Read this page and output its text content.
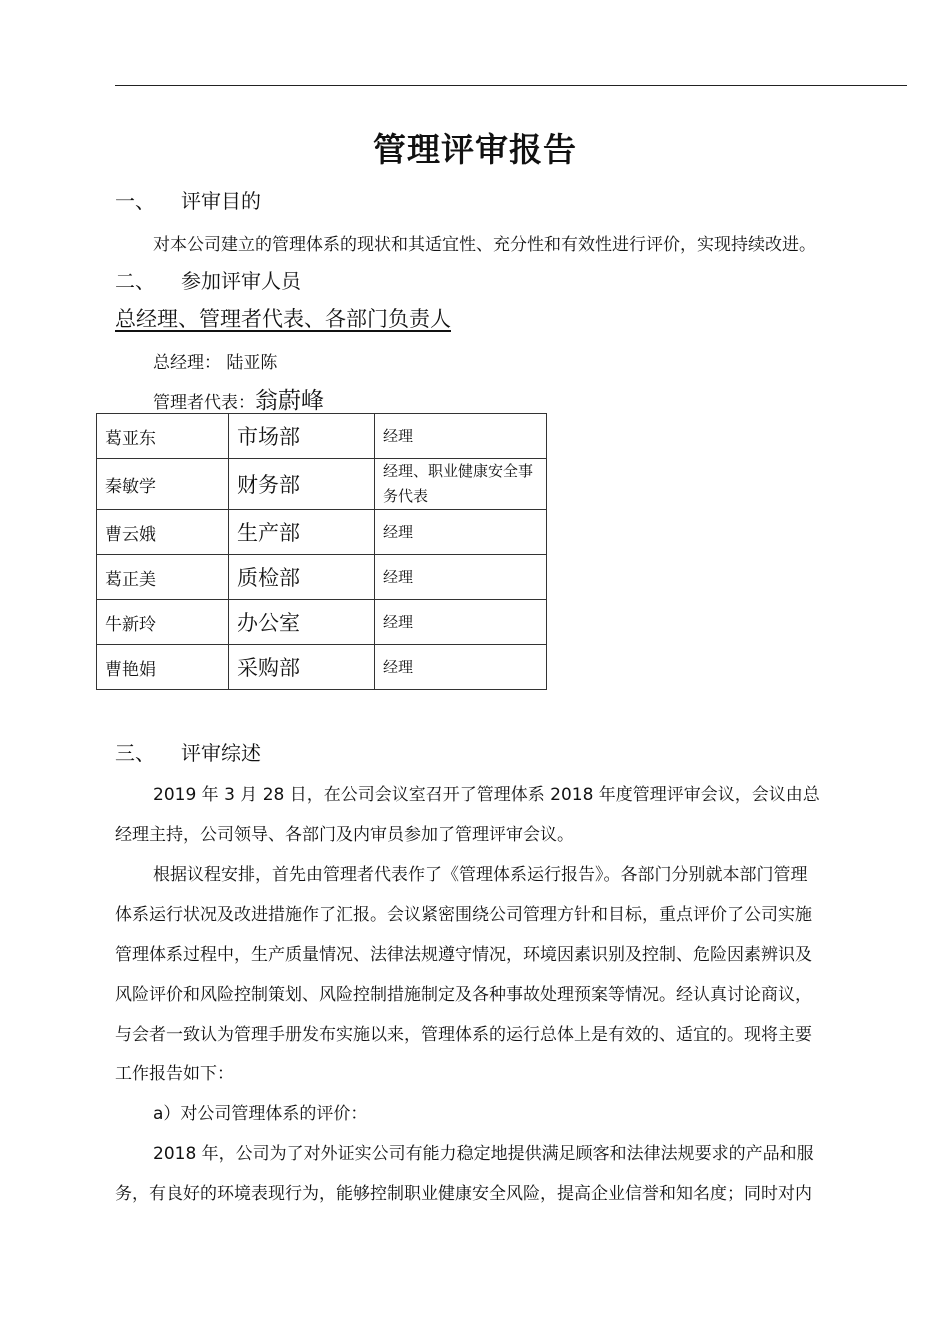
管理评审报告
一、 评审目的
对本公司建立的管理体系的现状和其适宜性、充分性和有效性进行评价，实现持续改进。
二、 参加评审人员
总经理、管理者代表、各部门负责人
总经理： 陆亚陈
管理者代表：翁蔚峰
葛亚东	市场部	经理
秦敏学	财务部	经理、职业健康安全事务代表
曹云娥	生产部	经理
葛正美	质检部	经理
牛新玲	办公室	经理
曹艳娟	采购部	经理
三、 评审综述
2019 年 3 月 28 日，在公司会议室召开了管理体系 2018 年度管理评审会议，会议由总
经理主持，公司领导、各部门及内审员参加了管理评审会议。
根据议程安排，首先由管理者代表作了《管理体系运行报告》。各部门分别就本部门管理
体系运行状况及改进措施作了汇报。会议紧密围绕公司管理方针和目标，重点评价了公司实施
管理体系过程中，生产质量情况、法律法规遵守情况，环境因素识别及控制、危险因素辨识及
风险评价和风险控制策划、风险控制措施制定及各种事故处理预案等情况。经认真讨论商议，
与会者一致认为管理手册发布实施以来，管理体系的运行总体上是有效的、适宜的。现将主要
工作报告如下：
a）对公司管理体系的评价：
2018 年，公司为了对外证实公司有能力稳定地提供满足顾客和法律法规要求的产品和服
务，有良好的环境表现行为，能够控制职业健康安全风险，提高企业信誉和知名度；同时对内
